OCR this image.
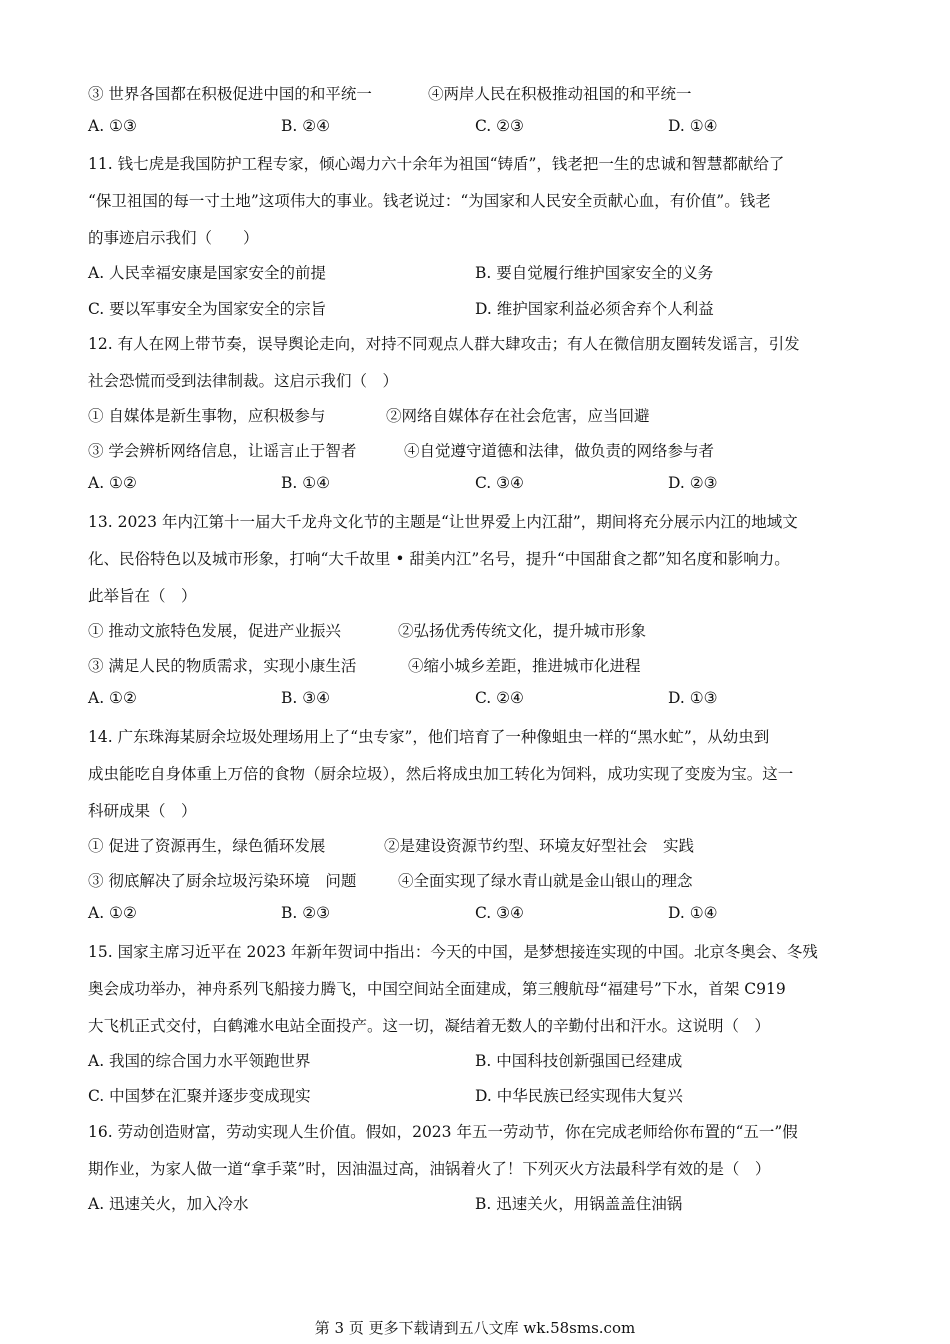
③ 世界各国都在积极促进中国的和平统一	④两岸人民在积极推动祖国的和平统一
A. ①③	B. ②④	C. ②③	D. ①④
11. 钱七虎是我国防护工程专家，倾心竭力六十余年为祖国“铸盾”，钱老把一生的忠诚和智慧都献给了
“保卫祖国的每一寸土地”这项伟大的事业。钱老说过：“为国家和人民安全贡献心血，有价值”。钱老
的事迹启示我们（　　）
A. 人民幸福安康是国家安全的前提	B. 要自觉履行维护国家安全的义务
C. 要以军事安全为国家安全的宗旨	D. 维护国家利益必须舍弃个人利益
12. 有人在网上带节奏，误导舆论走向，对持不同观点人群大肆攻击；有人在微信朋友圈转发谣言，引发
社会恐慌而受到法律制裁。这启示我们（　）
① 自媒体是新生事物，应积极参与	②网络自媒体存在社会危害，应当回避
③ 学会辨析网络信息，让谣言止于智者	④自觉遵守道德和法律，做负责的网络参与者
A. ①②	B. ①④	C. ③④	D. ②③
13. 2023 年内江第十一届大千龙舟文化节的主题是“让世界爱上内江甜”，期间将充分展示内江的地域文
化、民俗特色以及城市形象，打响“大千故里 • 甜美内江”名号，提升“中国甜食之都”知名度和影响力。
此举旨在（　）
① 推动文旅特色发展，促进产业振兴	②弘扬优秀传统文化，提升城市形象
③ 满足人民的物质需求，实现小康生活	④缩小城乡差距，推进城市化进程
A. ①②	B. ③④	C. ②④	D. ①③
14. 广东珠海某厨余垃圾处理场用上了“虫专家”，他们培育了一种像蛆虫一样的“黑水虻”，从幼虫到
成虫能吃自身体重上万倍的食物（厨余垃圾），然后将成虫加工转化为饲料，成功实现了变废为宝。这一
科研成果（　）
① 促进了资源再生，绿色循环发展	②是建设资源节约型、环境友好型社会　实践
③ 彻底解决了厨余垃圾污染环境　问题	④全面实现了绿水青山就是金山银山的理念
A. ①②	B. ②③	C. ③④	D. ①④
15. 国家主席习近平在 2023 年新年贺词中指出：今天的中国，是梦想接连实现的中国。北京冬奥会、冬残
奥会成功举办，神舟系列飞船接力腾飞，中国空间站全面建成，第三艘航母“福建号”下水，首架 C919
大飞机正式交付，白鹤滩水电站全面投产。这一切，凝结着无数人的辛勤付出和汗水。这说明（　）
A. 我国的综合国力水平领跑世界	B. 中国科技创新强国已经建成
C. 中国梦在汇聚并逐步变成现实	D. 中华民族已经实现伟大复兴
16. 劳动创造财富，劳动实现人生价值。假如，2023 年五一劳动节，你在完成老师给你布置的“五一”假
期作业，为家人做一道“拿手菜”时，因油温过高，油锅着火了！下列灭火方法最科学有效的是（　）
A. 迅速关火，加入冷水	B. 迅速关火，用锅盖盖住油锅
第 3 页 更多下载请到五八文库 wk.58sms.com
